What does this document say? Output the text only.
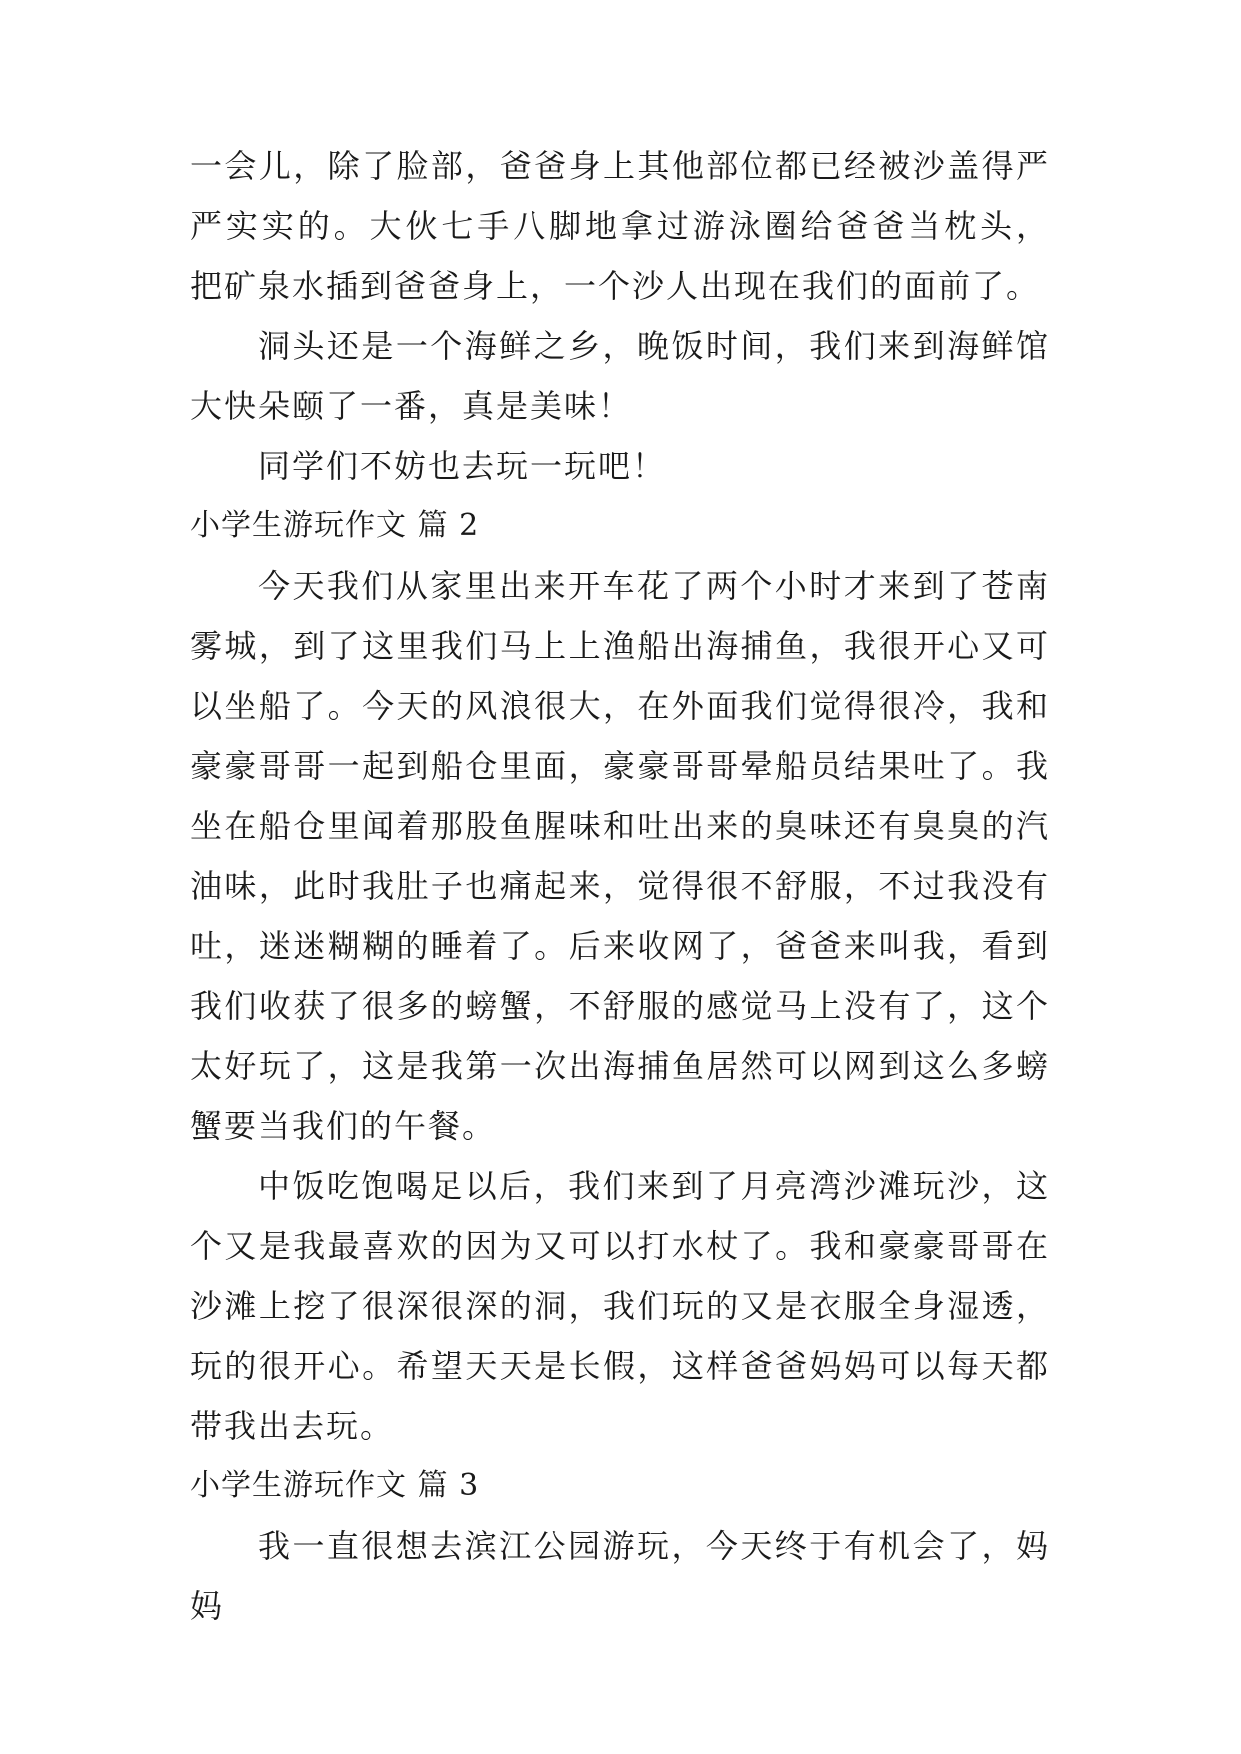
一会儿，除了脸部，爸爸身上其他部位都已经被沙盖得严严实实的。大伙七手八脚地拿过游泳圈给爸爸当枕头， 把矿泉水插到爸爸身上，一个沙人出现在我们的面前了。

洞头还是一个海鲜之乡，晚饭时间，我们来到海鲜馆大快朵颐了一番，真是美味！

同学们不妨也去玩一玩吧！

小学生游玩作文 篇 2

今天我们从家里出来开车花了两个小时才来到了苍南雾城，到了这里我们马上上渔船出海捕鱼，我很开心又可以坐船了。今天的风浪很大，在外面我们觉得很冷，我和豪豪哥哥一起到船仓里面，豪豪哥哥晕船员结果吐了。我坐在船仓里闻着那股鱼腥味和吐出来的臭味还有臭臭的汽油味，此时我肚子也痛起来，觉得很不舒服，不过我没有吐，迷迷糊糊的睡着了。后来收网了，爸爸来叫我，看到我们收获了很多的螃蟹，不舒服的感觉马上没有了，这个太好玩了，这是我第一次出海捕鱼居然可以网到这么多螃蟹要当我们的午餐。

中饭吃饱喝足以后，我们来到了月亮湾沙滩玩沙，这个又是我最喜欢的因为又可以打水杖了。我和豪豪哥哥在沙滩上挖了很深很深的洞，我们玩的又是衣服全身湿透，玩的很开心。希望天天是长假，这样爸爸妈妈可以每天都带我出去玩。

小学生游玩作文 篇 3

我一直很想去滨江公园游玩，今天终于有机会了，妈妈
